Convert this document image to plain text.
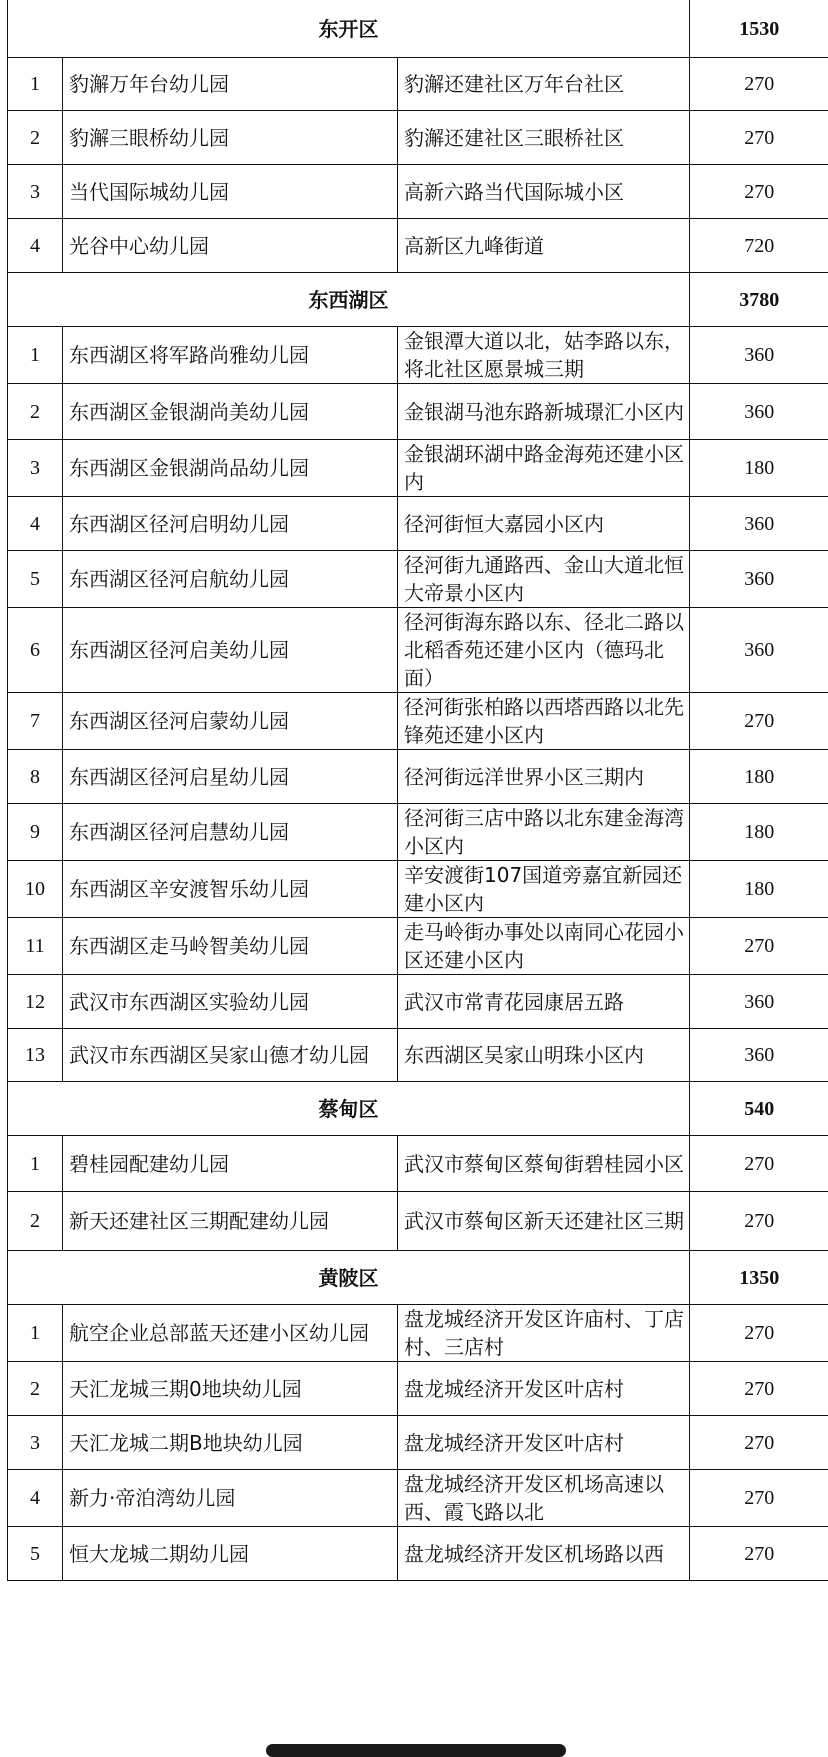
东开区			1530
1	豹澥万年台幼儿园	豹澥还建社区万年台社区	270
2	豹澥三眼桥幼儿园	豹澥还建社区三眼桥社区	270
3	当代国际城幼儿园	高新六路当代国际城小区	270
4	光谷中心幼儿园	高新区九峰街道	720
东西湖区			3780
1	东西湖区将军路尚雅幼儿园	金银潭大道以北，姑李路以东，将北社区愿景城三期	360
2	东西湖区金银湖尚美幼儿园	金银湖马池东路新城璟汇小区内	360
3	东西湖区金银湖尚品幼儿园	金银湖环湖中路金海苑还建小区内	180
4	东西湖区径河启明幼儿园	径河街恒大嘉园小区内	360
5	东西湖区径河启航幼儿园	径河街九通路西、金山大道北恒大帝景小区内	360
6	东西湖区径河启美幼儿园	径河街海东路以东、径北二路以北稻香苑还建小区内（德玛北面）	360
7	东西湖区径河启蒙幼儿园	径河街张柏路以西塔西路以北先锋苑还建小区内	270
8	东西湖区径河启星幼儿园	径河街远洋世界小区三期内	180
9	东西湖区径河启慧幼儿园	径河街三店中路以北东建金海湾小区内	180
10	东西湖区辛安渡智乐幼儿园	辛安渡街107国道旁嘉宜新园还建小区内	180
11	东西湖区走马岭智美幼儿园	走马岭街办事处以南同心花园小区还建小区内	270
12	武汉市东西湖区实验幼儿园	武汉市常青花园康居五路	360
13	武汉市东西湖区吴家山德才幼儿园	东西湖区吴家山明珠小区内	360
蔡甸区			540
1	碧桂园配建幼儿园	武汉市蔡甸区蔡甸街碧桂园小区	270
2	新天还建社区三期配建幼儿园	武汉市蔡甸区新天还建社区三期	270
黄陂区			1350
1	航空企业总部蓝天还建小区幼儿园	盘龙城经济开发区许庙村、丁店村、三店村	270
2	天汇龙城三期0地块幼儿园	盘龙城经济开发区叶店村	270
3	天汇龙城二期B地块幼儿园	盘龙城经济开发区叶店村	270
4	新力·帝泊湾幼儿园	盘龙城经济开发区机场高速以西、霞飞路以北	270
5	恒大龙城二期幼儿园	盘龙城经济开发区机场路以西	270
